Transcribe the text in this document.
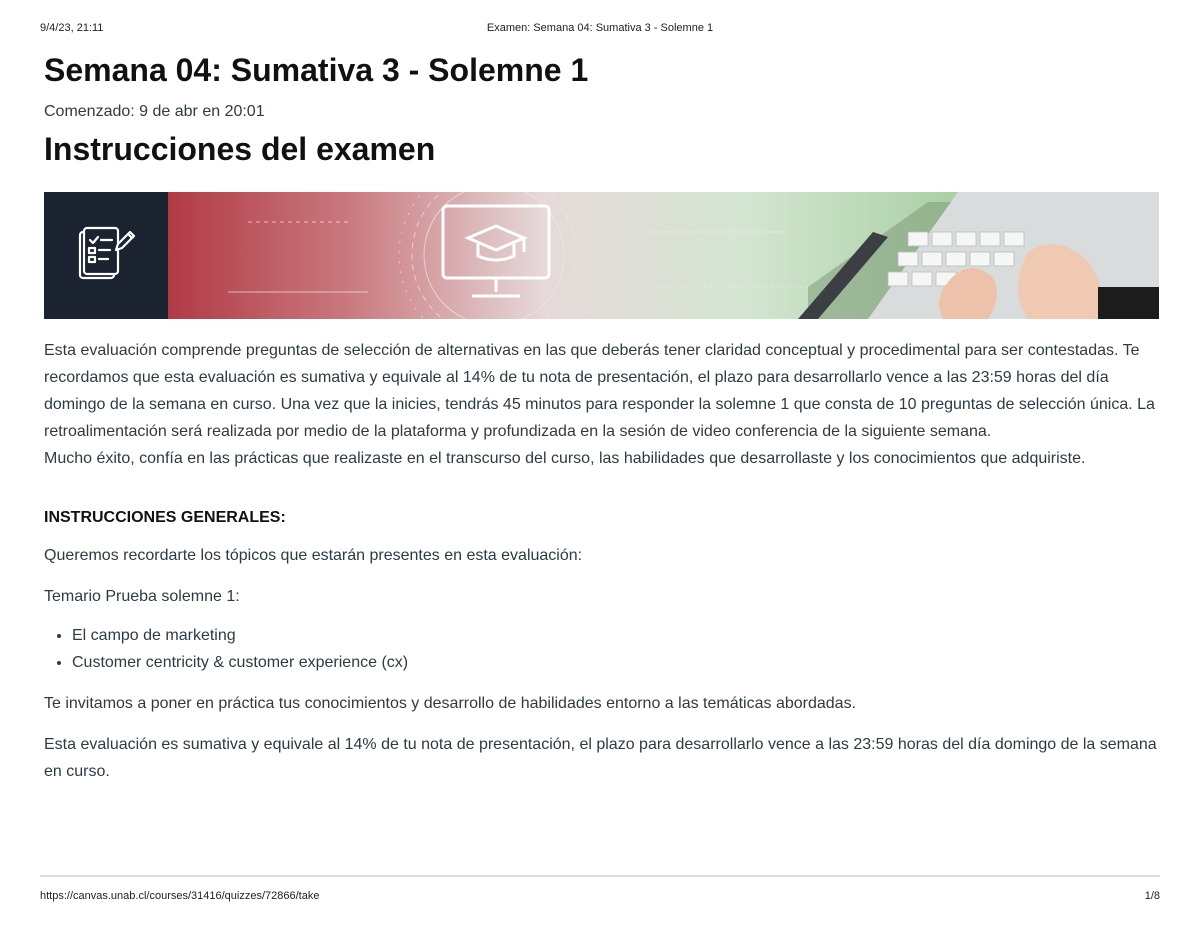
9/4/23, 21:11	Examen: Semana 04: Sumativa 3 - Solemne 1
Semana 04: Sumativa 3 - Solemne 1
Comenzado: 9 de abr en 20:01
Instrucciones del examen

Esta evaluación comprende preguntas de selección de alternativas en las que deberás tener claridad conceptual y procedimental para ser contestadas. Te recordamos que esta evaluación es sumativa y equivale al 14% de tu nota de presentación, el plazo para desarrollarlo vence a las 23:59 horas del día domingo de la semana en curso. Una vez que la inicies, tendrás 45 minutos para responder la solemne 1 que consta de 10 preguntas de selección única. La retroalimentación será realizada por medio de la plataforma y profundizada en la sesión de video conferencia de la siguiente semana.

Mucho éxito, confía en las prácticas que realizaste en el transcurso del curso, las habilidades que desarrollaste y los conocimientos que adquiriste.

INSTRUCCIONES GENERALES:

Queremos recordarte los tópicos que estarán presentes en esta evaluación:

Temario Prueba solemne 1:

• El campo de marketing
• Customer centricity & customer experience (cx)

Te invitamos a poner en práctica tus conocimientos y desarrollo de habilidades entorno a las temáticas abordadas.

Esta evaluación es sumativa y equivale al 14% de tu nota de presentación, el plazo para desarrollarlo vence a las 23:59 horas del día domingo de la semana en curso.

https://canvas.unab.cl/courses/31416/quizzes/72866/take	1/8
